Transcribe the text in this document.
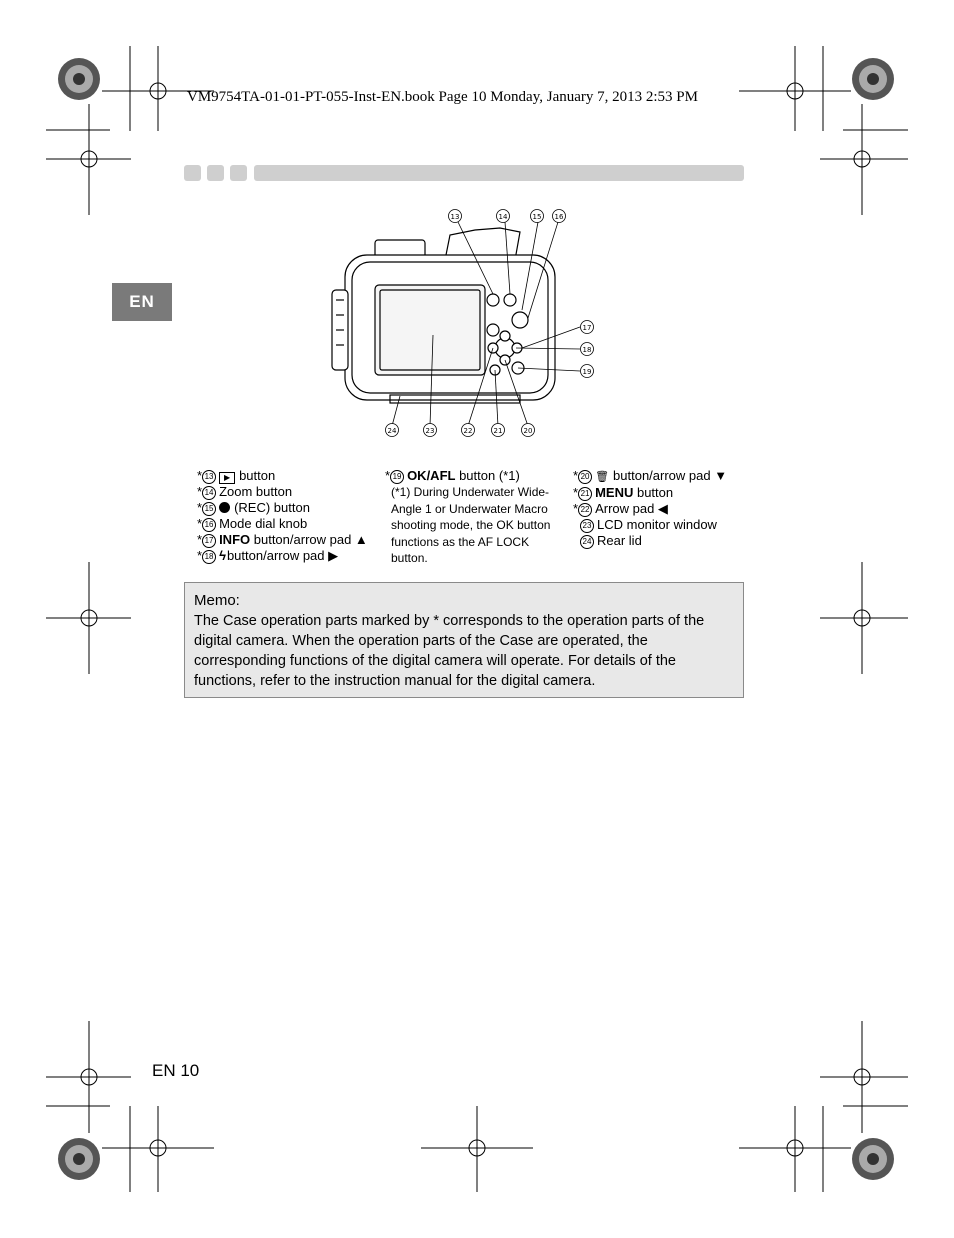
VM9754TA-01-01-PT-055-Inst-EN.book Page 10 Monday, January 7, 2013 2:53 PM
EN
13	14	15 16
17
18
19
24	23	22	21	20
* 13 ▶ button
* 14 Zoom button
* 15 (REC) button
* 16 Mode dial knob
* 17 INFO button/arrow pad ▲
* 18 ϟbutton/arrow pad ▶
* 19 OK/AFL button (*1)
(*1) During Underwater Wide-
Angle 1 or Underwater Macro
shooting mode, the OK button
functions as the AF LOCK
button.
* 20 🗑 button/arrow pad ▼
* 21 MENU button
* 22 Arrow pad ◀
23 LCD monitor window
24 Rear lid
Memo:
The Case operation parts marked by * corresponds to the operation parts of the digital camera. When the operation parts of the Case are operated, the corresponding functions of the digital camera will operate. For details of the functions, refer to the instruction manual for the digital camera.
EN 10
